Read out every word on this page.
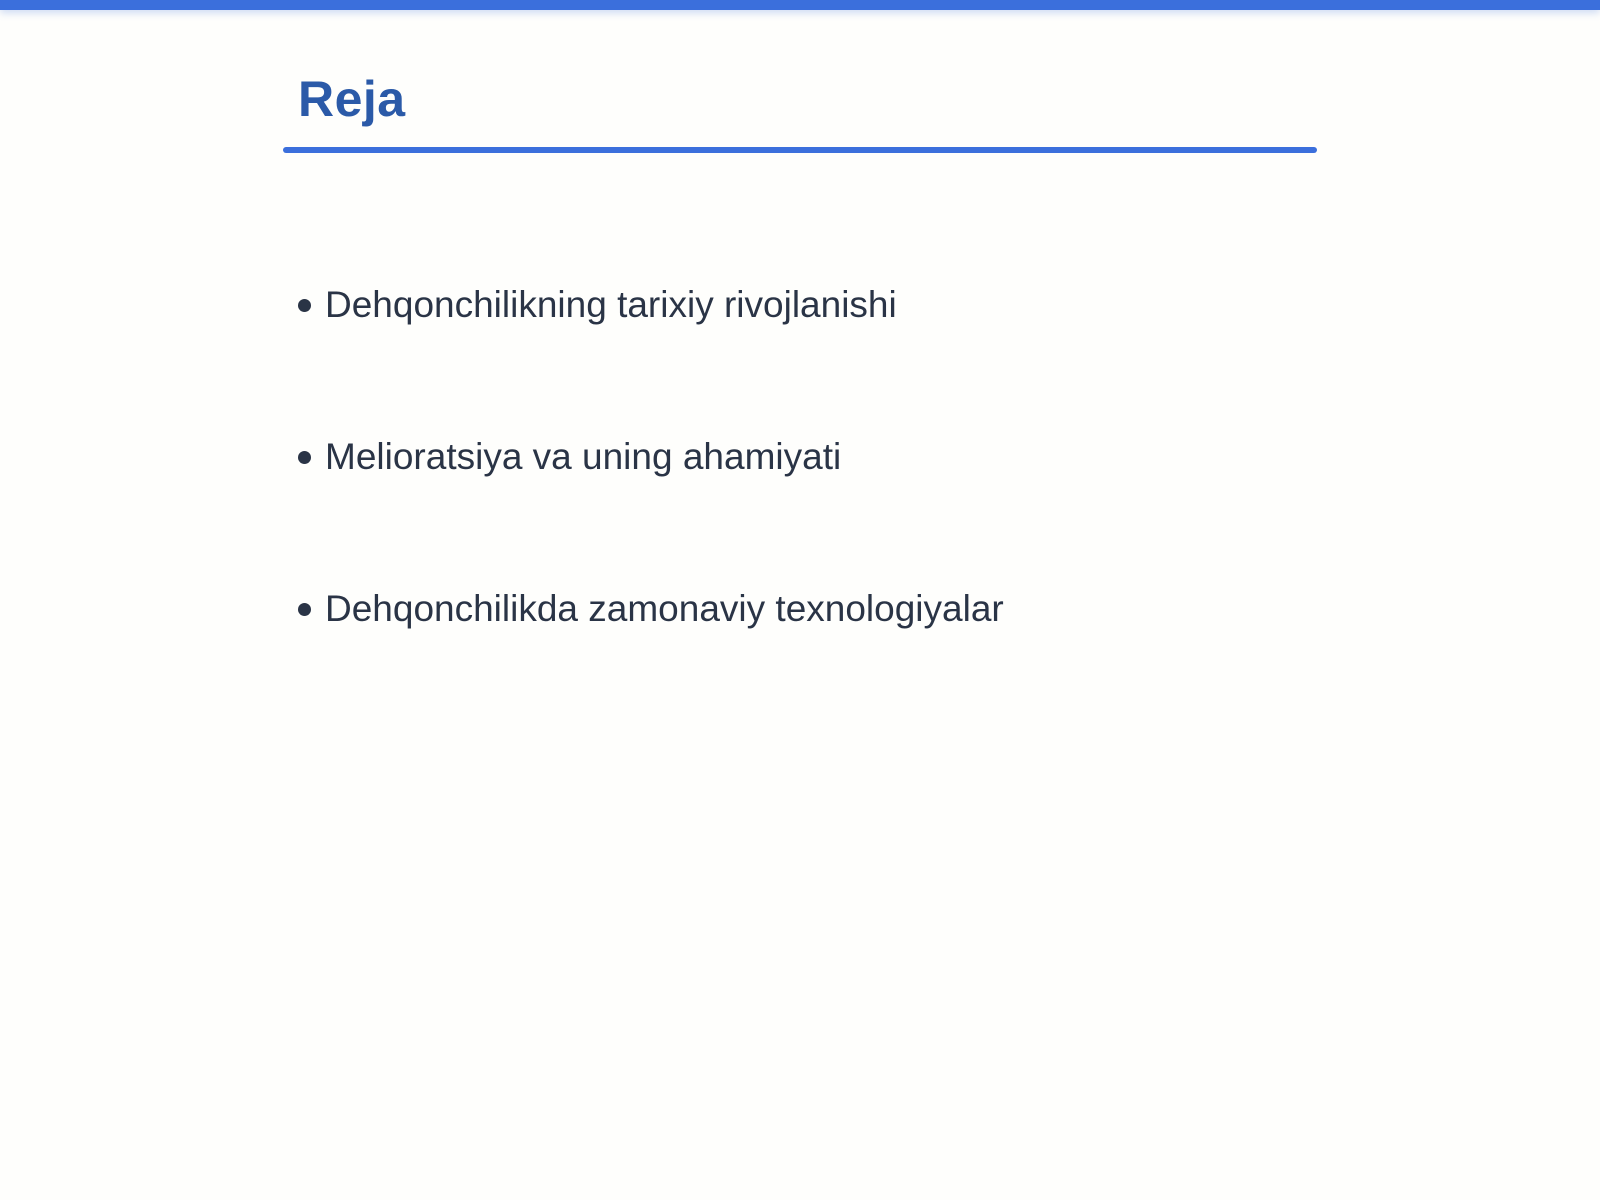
Reja
Dehqonchilikning tarixiy rivojlanishi
Melioratsiya va uning ahamiyati
Dehqonchilikda zamonaviy texnologiyalar
